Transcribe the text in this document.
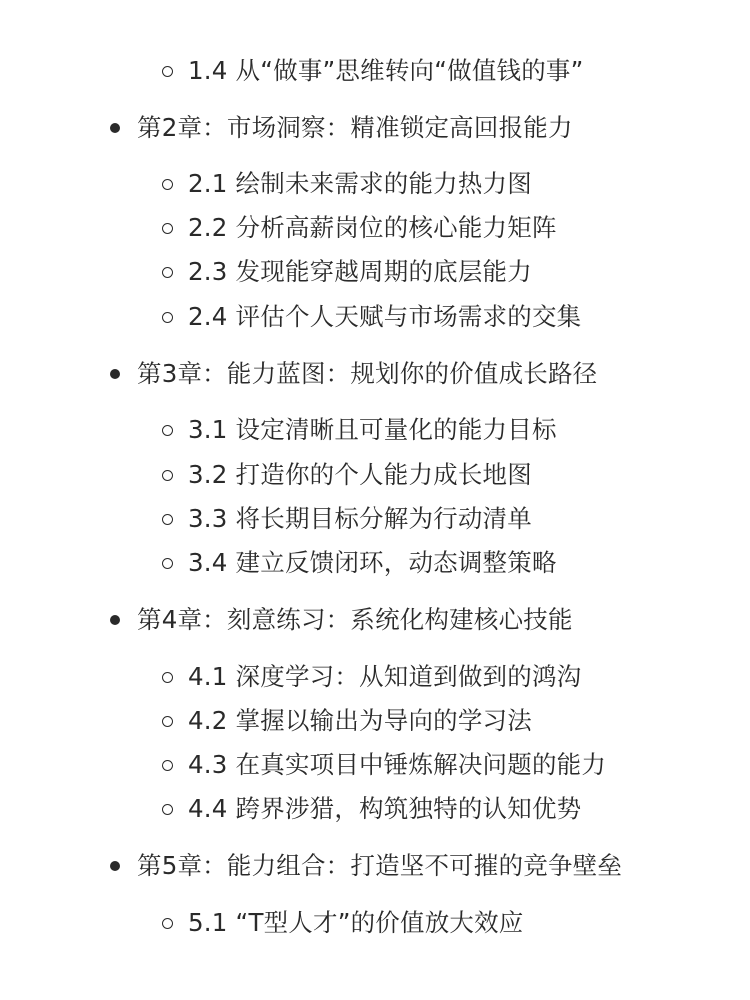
1.4 从“做事”思维转向“做值钱的事”
第2章：市场洞察：精准锁定高回报能力
2.1 绘制未来需求的能力热力图
2.2 分析高薪岗位的核心能力矩阵
2.3 发现能穿越周期的底层能力
2.4 评估个人天赋与市场需求的交集
第3章：能力蓝图：规划你的价值成长路径
3.1 设定清晰且可量化的能力目标
3.2 打造你的个人能力成长地图
3.3 将长期目标分解为行动清单
3.4 建立反馈闭环，动态调整策略
第4章：刻意练习：系统化构建核心技能
4.1 深度学习：从知道到做到的鸿沟
4.2 掌握以输出为导向的学习法
4.3 在真实项目中锤炼解决问题的能力
4.4 跨界涉猎，构筑独特的认知优势
第5章：能力组合：打造坚不可摧的竞争壁垒
5.1 “T型人才”的价值放大效应
